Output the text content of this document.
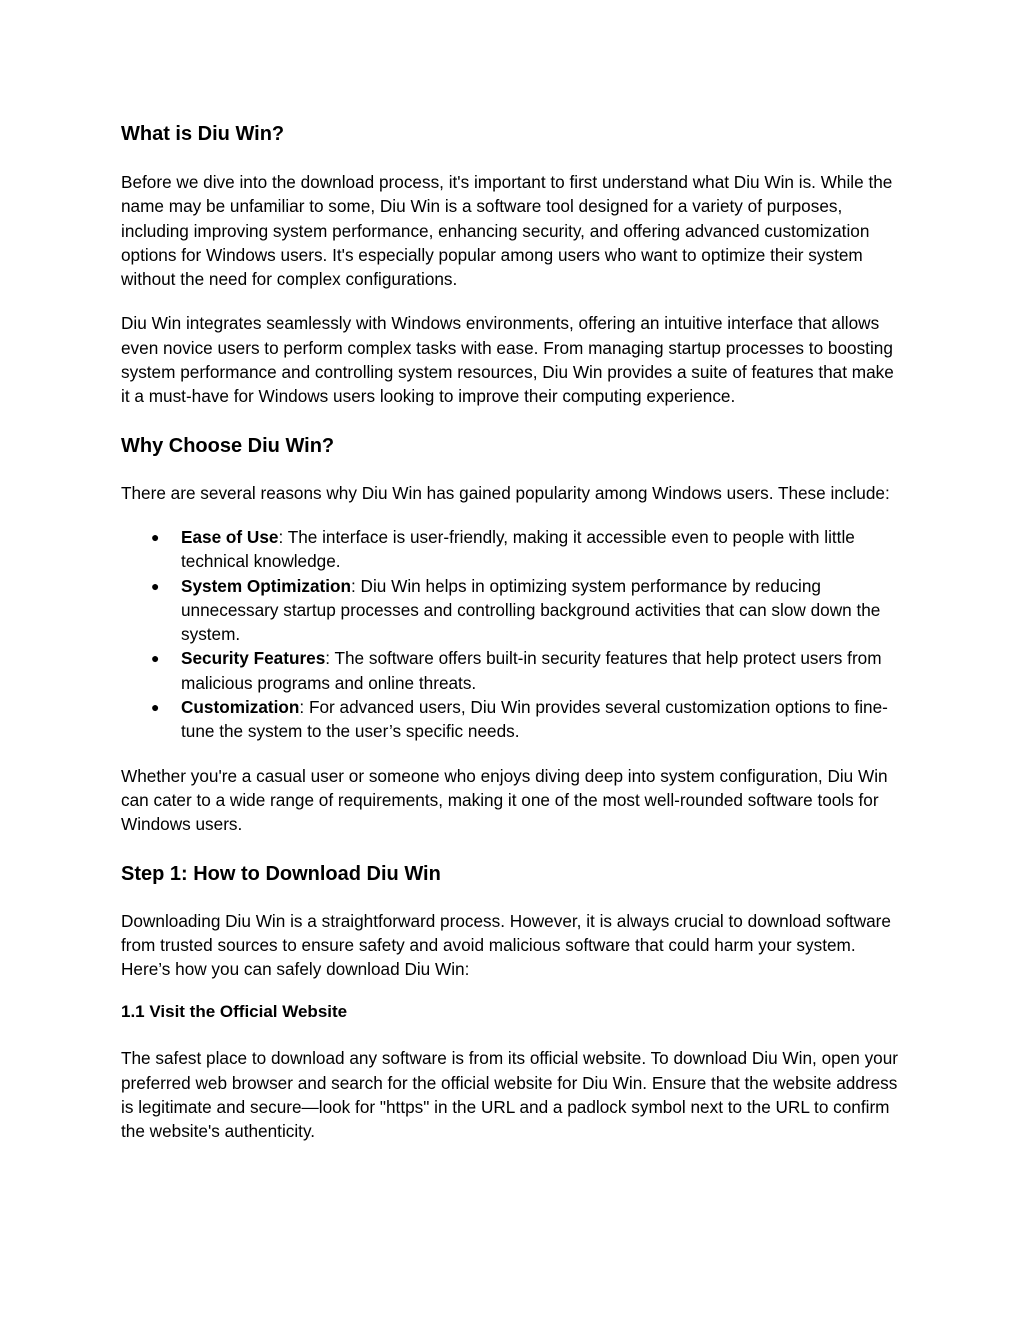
What is Diu Win?

Before we dive into the download process, it's important to first understand what Diu Win is. While the name may be unfamiliar to some, Diu Win is a software tool designed for a variety of purposes, including improving system performance, enhancing security, and offering advanced customization options for Windows users. It's especially popular among users who want to optimize their system without the need for complex configurations.

Diu Win integrates seamlessly with Windows environments, offering an intuitive interface that allows even novice users to perform complex tasks with ease. From managing startup processes to boosting system performance and controlling system resources, Diu Win provides a suite of features that make it a must-have for Windows users looking to improve their computing experience.

Why Choose Diu Win?

There are several reasons why Diu Win has gained popularity among Windows users. These include:

● Ease of Use: The interface is user-friendly, making it accessible even to people with little technical knowledge.
● System Optimization: Diu Win helps in optimizing system performance by reducing unnecessary startup processes and controlling background activities that can slow down the system.
● Security Features: The software offers built-in security features that help protect users from malicious programs and online threats.
● Customization: For advanced users, Diu Win provides several customization options to fine-tune the system to the user’s specific needs.

Whether you're a casual user or someone who enjoys diving deep into system configuration, Diu Win can cater to a wide range of requirements, making it one of the most well-rounded software tools for Windows users.

Step 1: How to Download Diu Win

Downloading Diu Win is a straightforward process. However, it is always crucial to download software from trusted sources to ensure safety and avoid malicious software that could harm your system. Here’s how you can safely download Diu Win:

1.1 Visit the Official Website

The safest place to download any software is from its official website. To download Diu Win, open your preferred web browser and search for the official website for Diu Win. Ensure that the website address is legitimate and secure—look for "https" in the URL and a padlock symbol next to the URL to confirm the website's authenticity.
